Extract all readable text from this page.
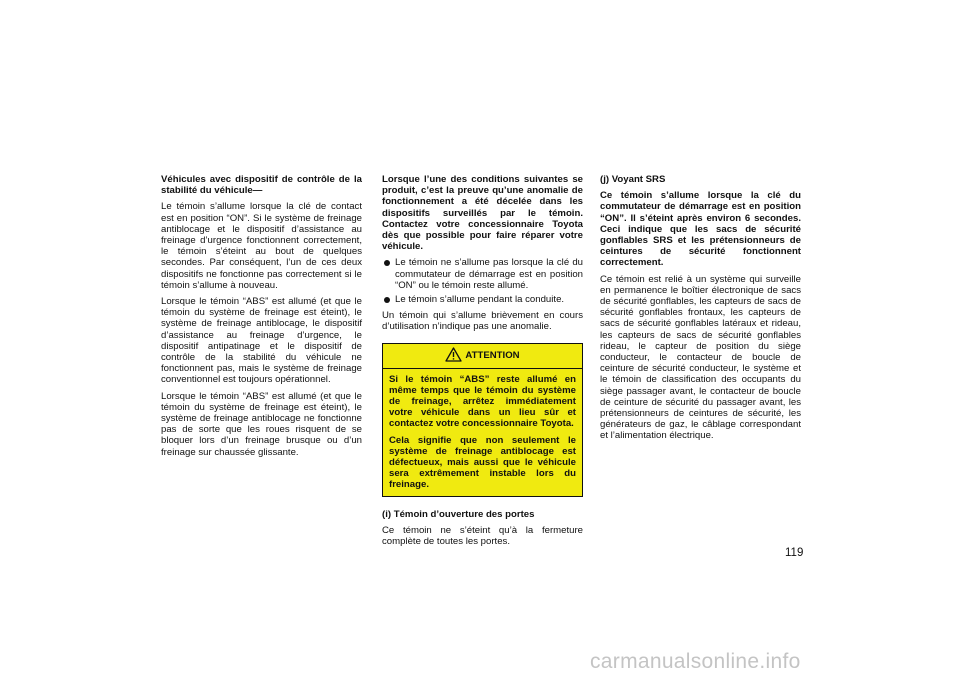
Véhicules avec dispositif de contrôle de la stabilité du véhicule—

Le témoin s’allume lorsque la clé de contact est en position “ON”. Si le système de freinage antiblocage et le dispositif d’assistance au freinage d’urgence fonctionnent correctement, le témoin s’éteint au bout de quelques secondes. Par conséquent, l’un de ces deux dispositifs ne fonctionne pas correctement si le témoin s’allume à nouveau.

Lorsque le témoin “ABS” est allumé (et que le témoin du système de freinage est éteint), le système de freinage antiblocage, le dispositif d’assistance au freinage d’urgence, le dispositif antipatinage et le dispositif de contrôle de la stabilité du véhicule ne fonctionnent pas, mais le système de freinage conventionnel est toujours opérationnel.

Lorsque le témoin “ABS” est allumé (et que le témoin du système de freinage est éteint), le système de freinage antiblocage ne fonctionne pas de sorte que les roues risquent de se bloquer lors d’un freinage brusque ou d’un freinage sur chaussée glissante.

Lorsque l’une des conditions suivantes se produit, c’est la preuve qu’une anomalie de fonctionnement a été décelée dans les dispositifs surveillés par le témoin. Contactez votre concessionnaire Toyota dès que possible pour faire réparer votre véhicule.

Le témoin ne s’allume pas lorsque la clé du commutateur de démarrage est en position “ON” ou le témoin reste allumé.
Le témoin s’allume pendant la conduite.

Un témoin qui s’allume brièvement en cours d’utilisation n’indique pas une anomalie.

ATTENTION

Si le témoin “ABS” reste allumé en même temps que le témoin du système de freinage, arrêtez immédiatement votre véhicule dans un lieu sûr et contactez votre concessionnaire Toyota.

Cela signifie que non seulement le système de freinage antiblocage est défectueux, mais aussi que le véhicule sera extrêmement instable lors du freinage.

(i) Témoin d’ouverture des portes

Ce témoin ne s’éteint qu’à la fermeture complète de toutes les portes.

(j) Voyant SRS

Ce témoin s’allume lorsque la clé du commutateur de démarrage est en position “ON”. Il s’éteint après environ 6 secondes. Ceci indique que les sacs de sécurité gonflables SRS et les prétensionneurs de ceintures de sécurité fonctionnent correctement.

Ce témoin est relié à un système qui surveille en permanence le boîtier électronique de sacs de sécurité gonflables, les capteurs de sacs de sécurité gonflables frontaux, les capteurs de sacs de sécurité gonflables latéraux et rideau, les capteurs de sacs de sécurité gonflables rideau, le capteur de position du siège conducteur, le contacteur de boucle de ceinture de sécurité conducteur, le système et le témoin de classification des occupants du siège passager avant, le contacteur de boucle de ceinture de sécurité du passager avant, les prétensionneurs de ceintures de sécurité, les générateurs de gaz, le câblage correspondant et l’alimentation électrique.

119
carmanualsonline.info
